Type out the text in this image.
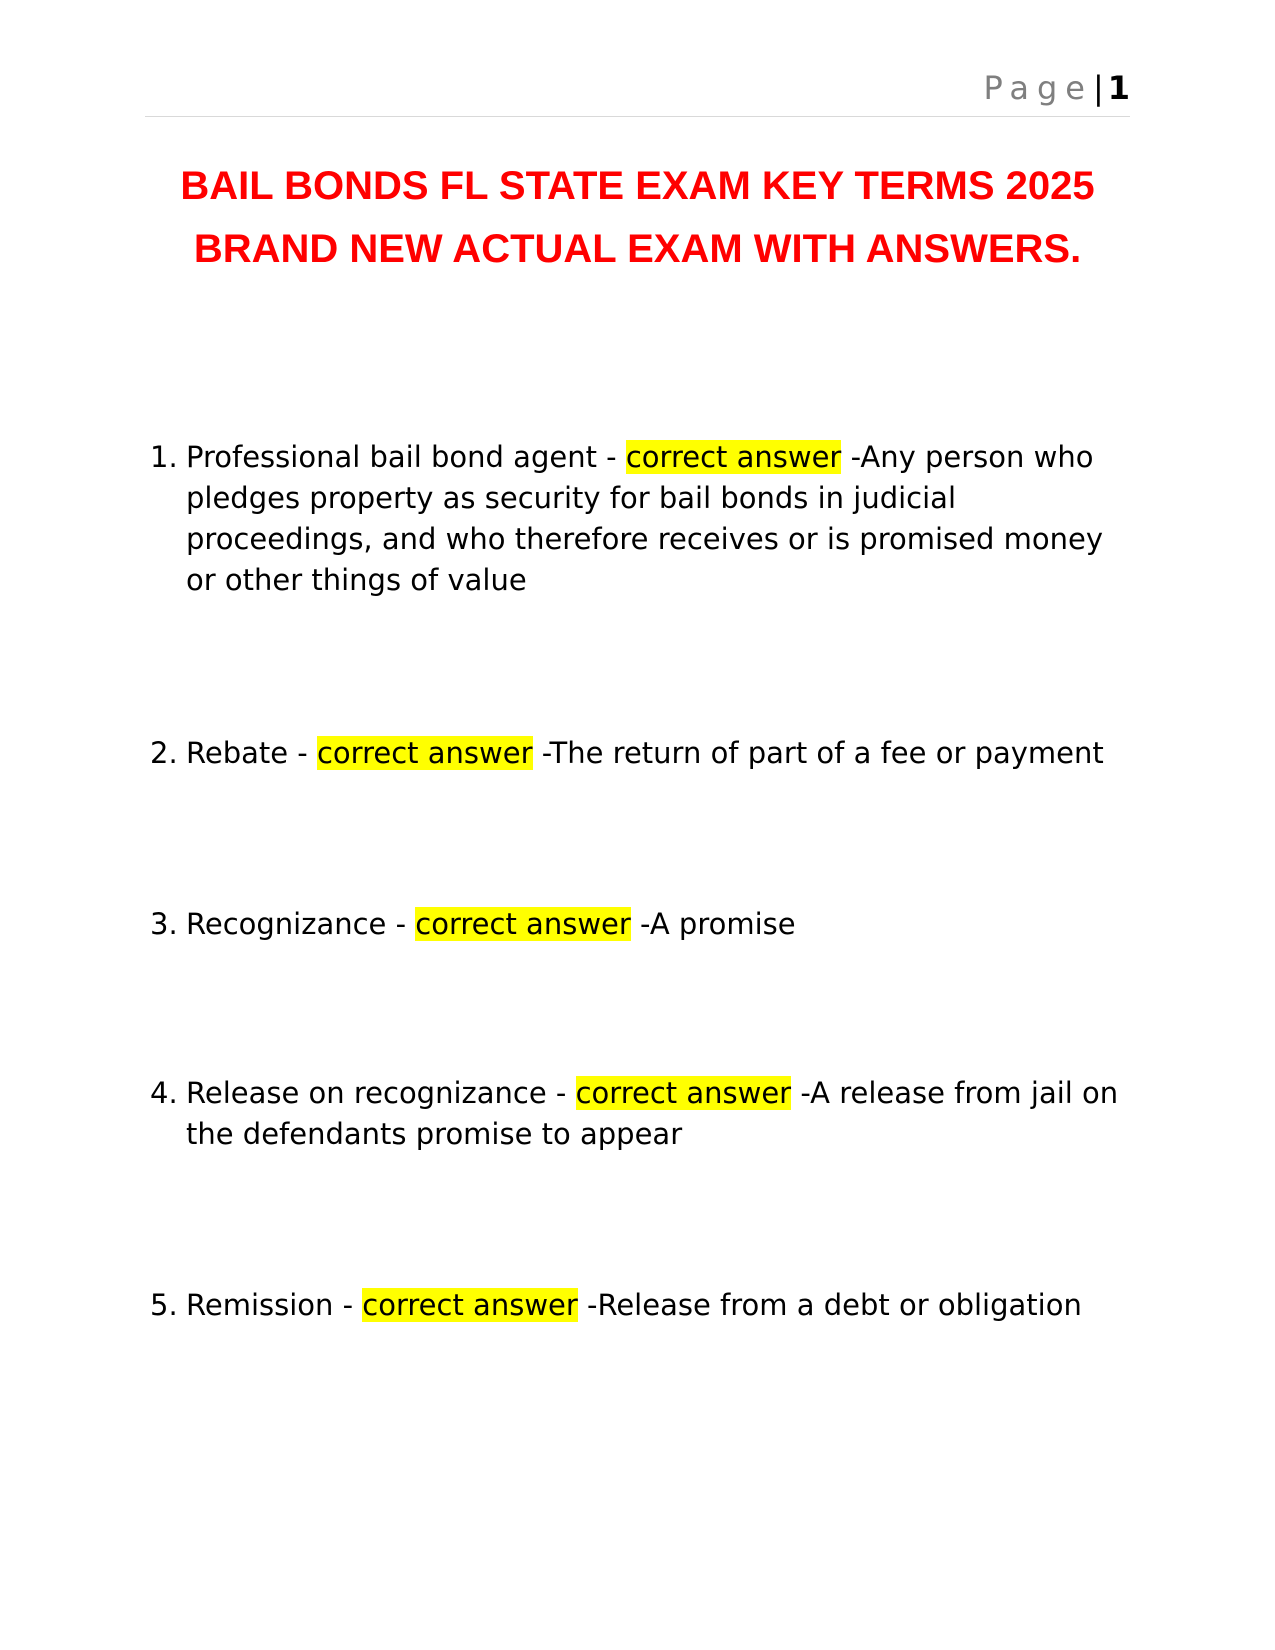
Page| 1
BAIL BONDS FL STATE EXAM KEY TERMS 2025 BRAND NEW ACTUAL EXAM WITH ANSWERS.
1. Professional bail bond agent - correct answer -Any person who pledges property as security for bail bonds in judicial proceedings, and who therefore receives or is promised money or other things of value
2. Rebate - correct answer -The return of part of a fee or payment
3. Recognizance - correct answer -A promise
4. Release on recognizance - correct answer -A release from jail on the defendants promise to appear
5. Remission - correct answer -Release from a debt or obligation
